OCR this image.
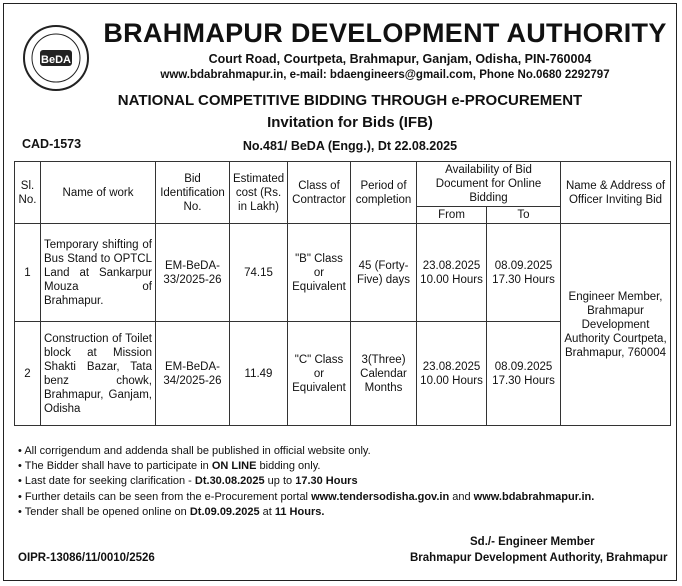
BeDA
BRAHMAPUR DEVELOPMENT AUTHORITY
Court Road, Courtpeta, Brahmapur, Ganjam, Odisha, PIN-760004
www.bdabrahmapur.in, e-mail: bdaengineers@gmail.com, Phone No.0680 2292797
NATIONAL COMPETITIVE BIDDING THROUGH e-PROCUREMENT
Invitation for Bids (IFB)
CAD-1573	No.481/ BeDA (Engg.), Dt 22.08.2025
Sl. No.	Name of work	Bid Identification No.	Estimated cost (Rs. in Lakh)	Class of Contractor	Period of completion	Availability of Bid Document for Online Bidding		Name & Address of Officer Inviting Bid
						From	To	
1	Temporary shifting of Bus Stand to OPTCL Land at Sankarpur Mouza of Brahmapur.	EM-BeDA-33/2025-26	74.15	"B" Class or Equivalent	45 (Forty-Five) days	23.08.2025 10.00 Hours	08.09.2025 17.30 Hours	Engineer Member, Brahmapur Development Authority Courtpeta, Brahmapur, 760004
2	Construction of Toilet block at Mission Shakti Bazar, Tata benz chowk, Brahmapur, Ganjam, Odisha	EM-BeDA-34/2025-26	11.49	"C" Class or Equivalent	3(Three) Calendar Months	23.08.2025 10.00 Hours	08.09.2025 17.30 Hours	
• All corrigendum and addenda shall be published in official website only.
• The Bidder shall have to participate in ON LINE bidding only.
• Last date for seeking clarification - Dt.30.08.2025 up to 17.30 Hours
• Further details can be seen from the e-Procurement portal www.tendersodisha.gov.in and www.bdabrahmapur.in.
• Tender shall be opened online on Dt.09.09.2025 at 11 Hours.
Sd./- Engineer Member
Brahmapur Development Authority, Brahmapur
OIPR-13086/11/0010/2526
